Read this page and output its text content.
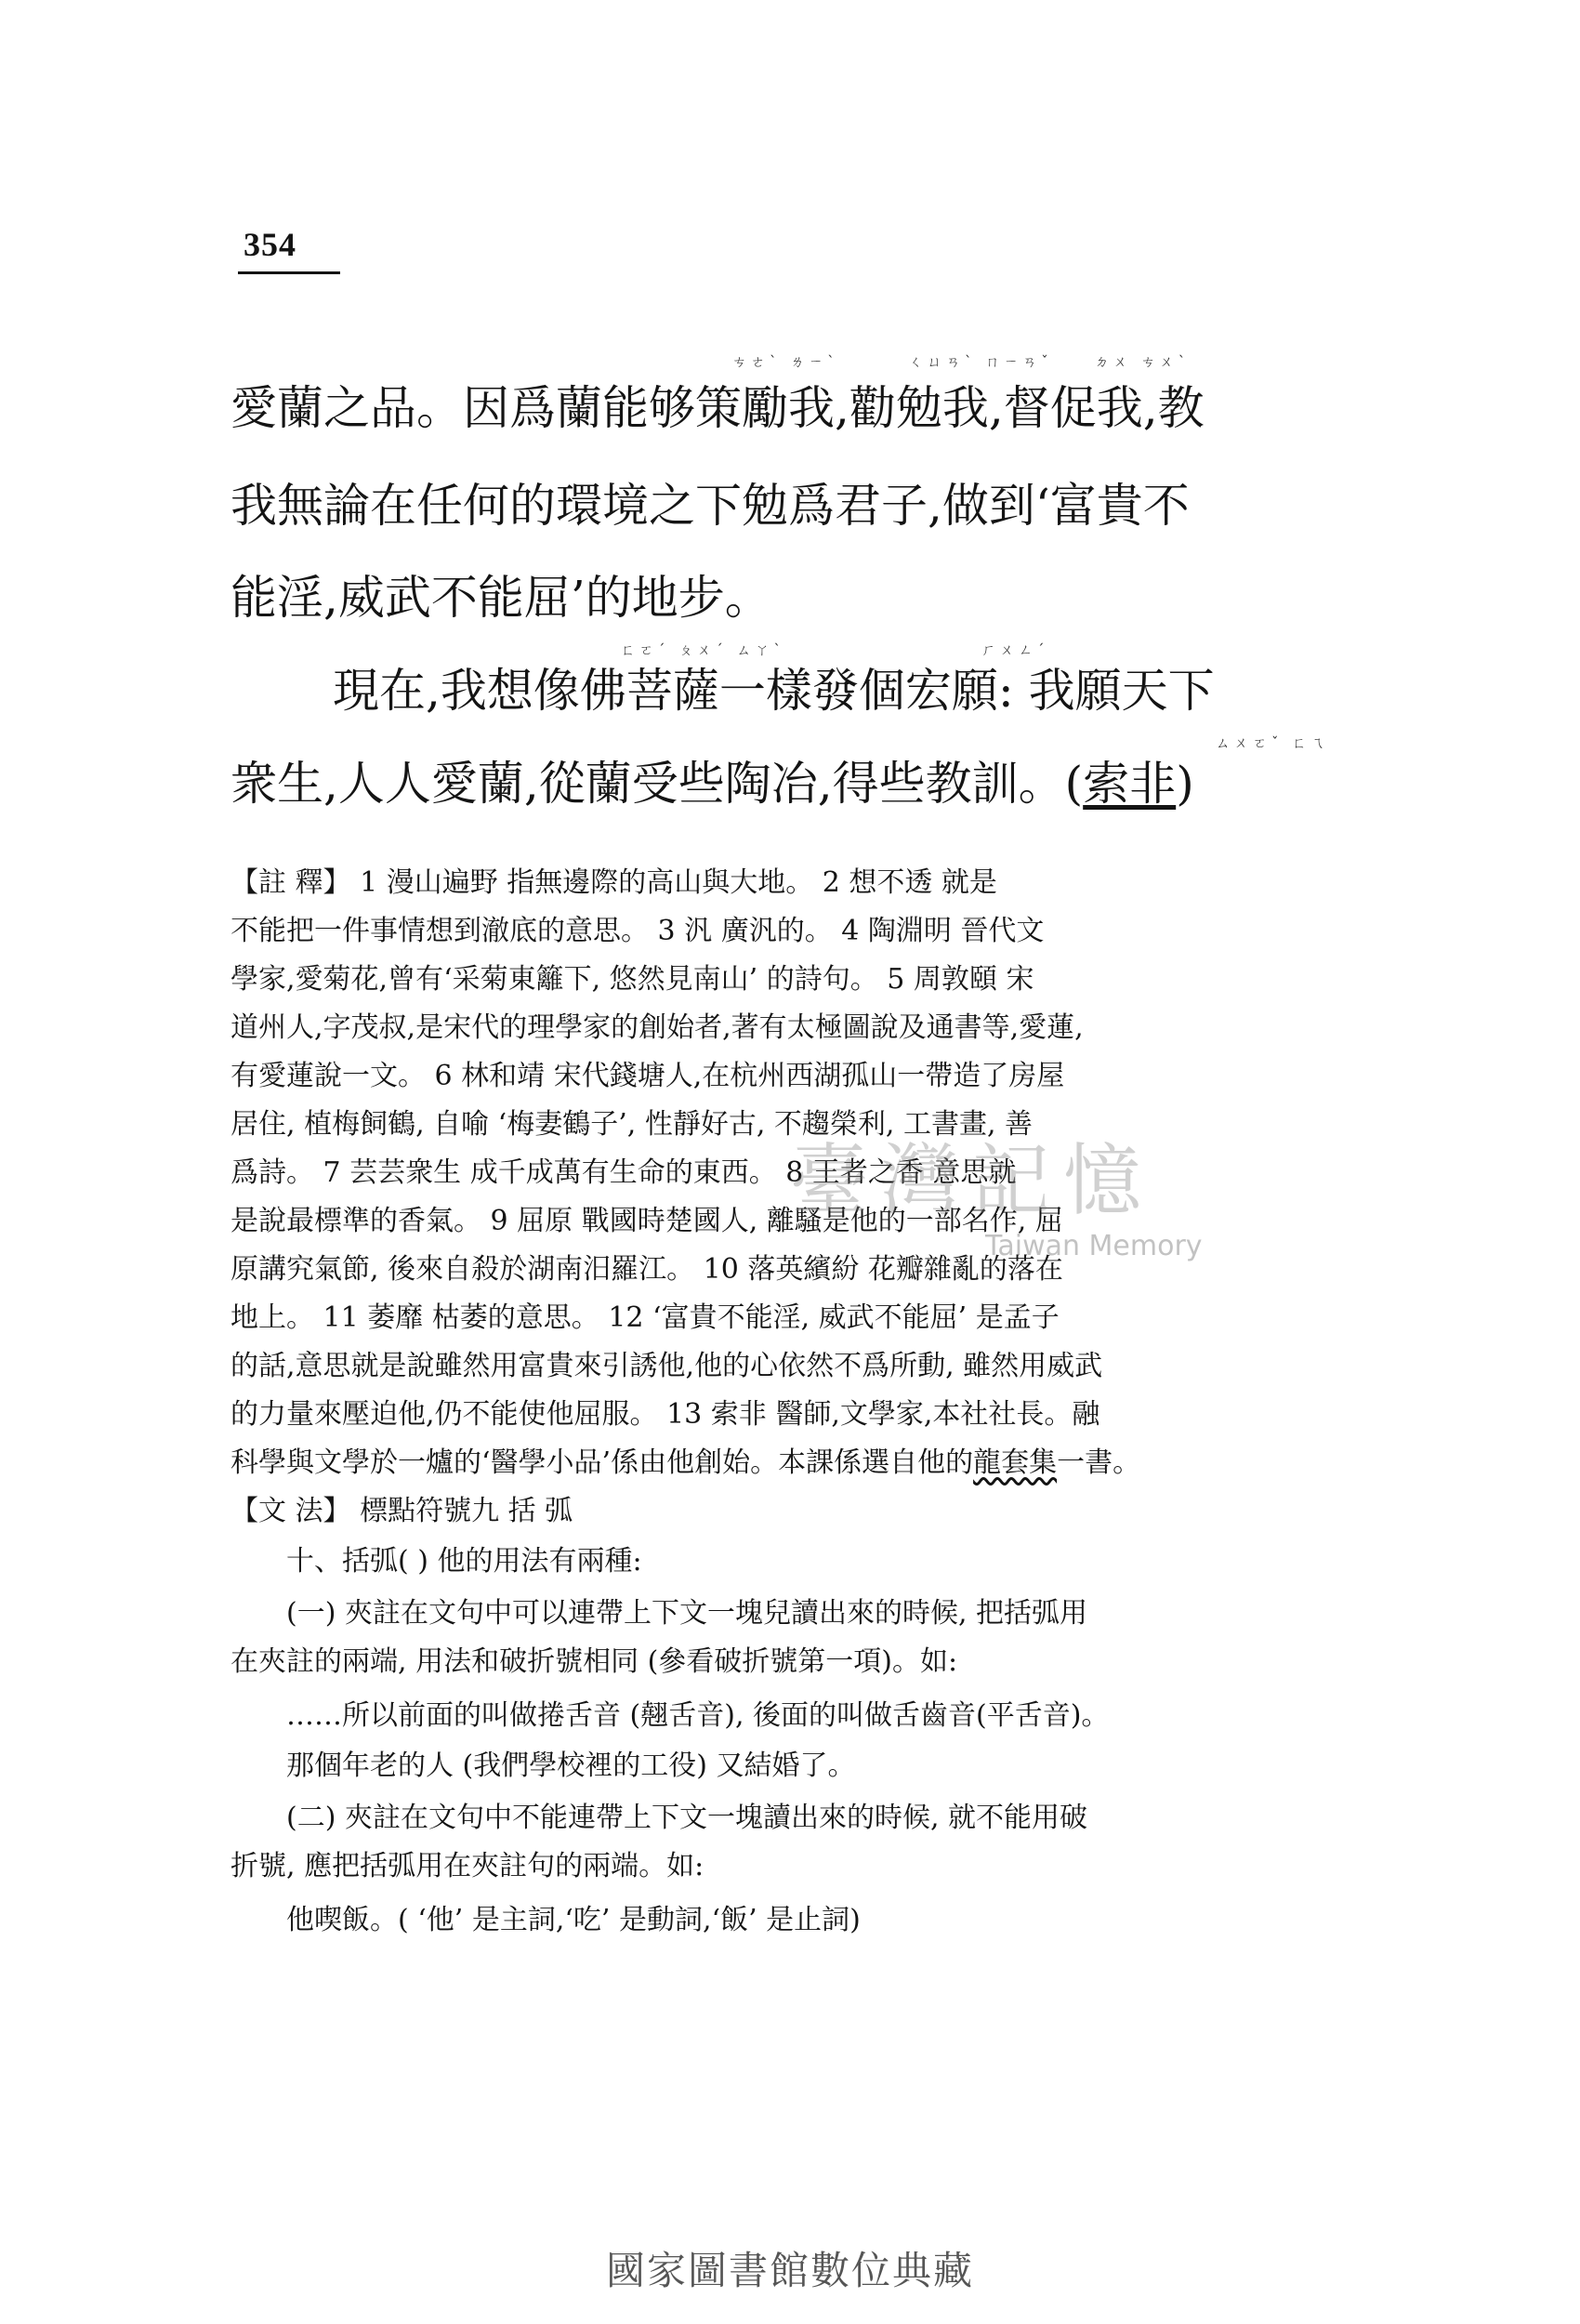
354
ㄘㄜˋ ㄌㄧˋ	ㄑㄩㄢˋ ㄇㄧㄢˇ	ㄉㄨ ㄘㄨˋ
愛蘭之品。因爲蘭能够策勵我,勸勉我,督促我,教
我無論在任何的環境之下勉爲君子,做到‘富貴不
能淫,威武不能屈’的地步。
ㄈㄛˊ ㄆㄨˊ ㄙㄚˋ	ㄏㄨㄥˊ
現在,我想像佛菩薩一樣發個宏願: 我願天下
ㄙㄨㄛˇ ㄈㄟ
衆生,人人愛蘭,從蘭受些陶冶,得些教訓。(索非)
【註 釋】 1 漫山遍野 指無邊際的高山與大地。 2 想不透 就是
不能把一件事情想到澈底的意思。 3 汎 廣汎的。 4 陶淵明 晉代文
學家,愛菊花,曾有‘采菊東籬下, 悠然見南山’ 的詩句。 5 周敦頤 宋
道州人,字茂叔,是宋代的理學家的創始者,著有太極圖說及通書等,愛蓮,
有愛蓮說一文。 6 林和靖 宋代錢塘人,在杭州西湖孤山一帶造了房屋
居住, 植梅飼鶴, 自喻 ‘梅妻鶴子’, 性靜好古, 不趨榮利, 工書畫, 善
爲詩。 7 芸芸衆生 成千成萬有生命的東西。 8 王者之香 意思就
是說最標準的香氣。 9 屈原 戰國時楚國人, 離騷是他的一部名作, 屈
原講究氣節, 後來自殺於湖南汨羅江。 10 落英繽紛 花瓣雜亂的落在
地上。 11 萎靡 枯萎的意思。 12 ‘富貴不能淫, 威武不能屈’ 是孟子
的話,意思就是說雖然用富貴來引誘他,他的心依然不爲所動, 雖然用威武
的力量來壓迫他,仍不能使他屈服。 13 索非 醫師,文學家,本社社長。融
科學與文學於一爐的‘醫學小品’係由他創始。本課係選自他的龍套集一書。
【文 法】 標點符號九 括 弧
十、括弧( ) 他的用法有兩種:
(一) 夾註在文句中可以連帶上下文一塊兒讀出來的時候, 把括弧用
在夾註的兩端, 用法和破折號相同 (參看破折號第一項)。如:
……所以前面的叫做捲舌音 (翹舌音), 後面的叫做舌齒音(平舌音)。
那個年老的人 (我們學校裡的工役) 又結婚了。
(二) 夾註在文句中不能連帶上下文一塊讀出來的時候, 就不能用破
折號, 應把括弧用在夾註句的兩端。如:
他喫飯。( ‘他’ 是主詞,‘吃’ 是動詞,‘飯’ 是止詞)
臺灣記憶
Taiwan Memory
國家圖書館數位典藏
